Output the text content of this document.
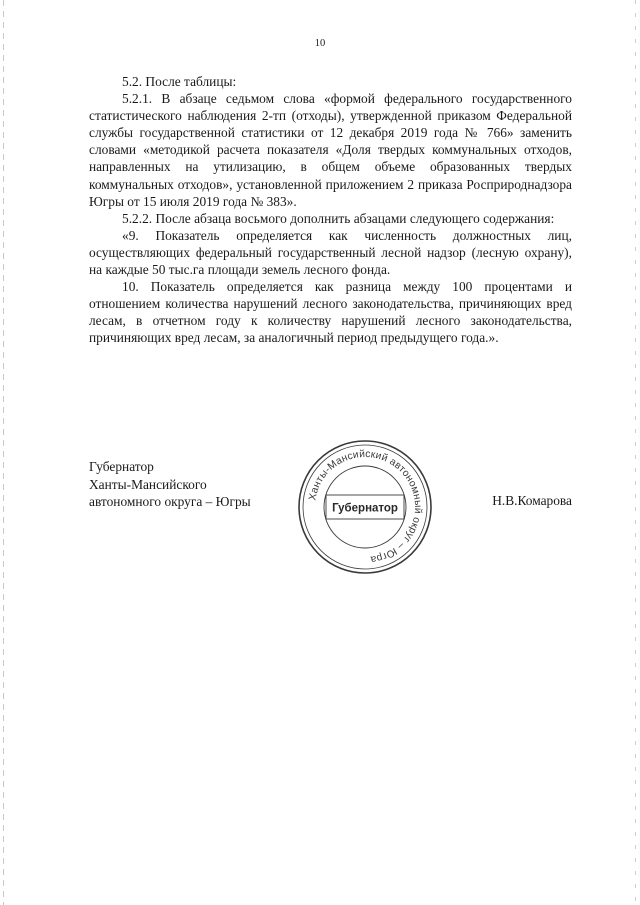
10

5.2. После таблицы:

5.2.1. В абзаце седьмом слова «формой федерального государственного статистического наблюдения 2-тп (отходы), утвержденной приказом Федеральной службы государственной статистики от 12 декабря 2019 года № 766» заменить словами «методикой расчета показателя «Доля твердых коммунальных отходов, направленных на утилизацию, в общем объеме образованных твердых коммунальных отходов», установленной приложением 2 приказа Росприроднадзора Югры от 15 июля 2019 года № 383».

5.2.2. После абзаца восьмого дополнить абзацами следующего содержания:

«9. Показатель определяется как численность должностных лиц, осуществляющих федеральный государственный лесной надзор (лесную охрану), на каждые 50 тыс.га площади земель лесного фонда.

10. Показатель определяется как разница между 100 процентами и отношением количества нарушений лесного законодательства, причиняющих вред лесам, в отчетном году к количеству нарушений лесного законодательства, причиняющих вред лесам, за аналогичный период предыдущего года.».

Губернатор
Ханты-Мансийского
автономного округа – Югры	Ханты-Мансийский автономный округ – Югра
Губернатор
Н.В.Комарова
